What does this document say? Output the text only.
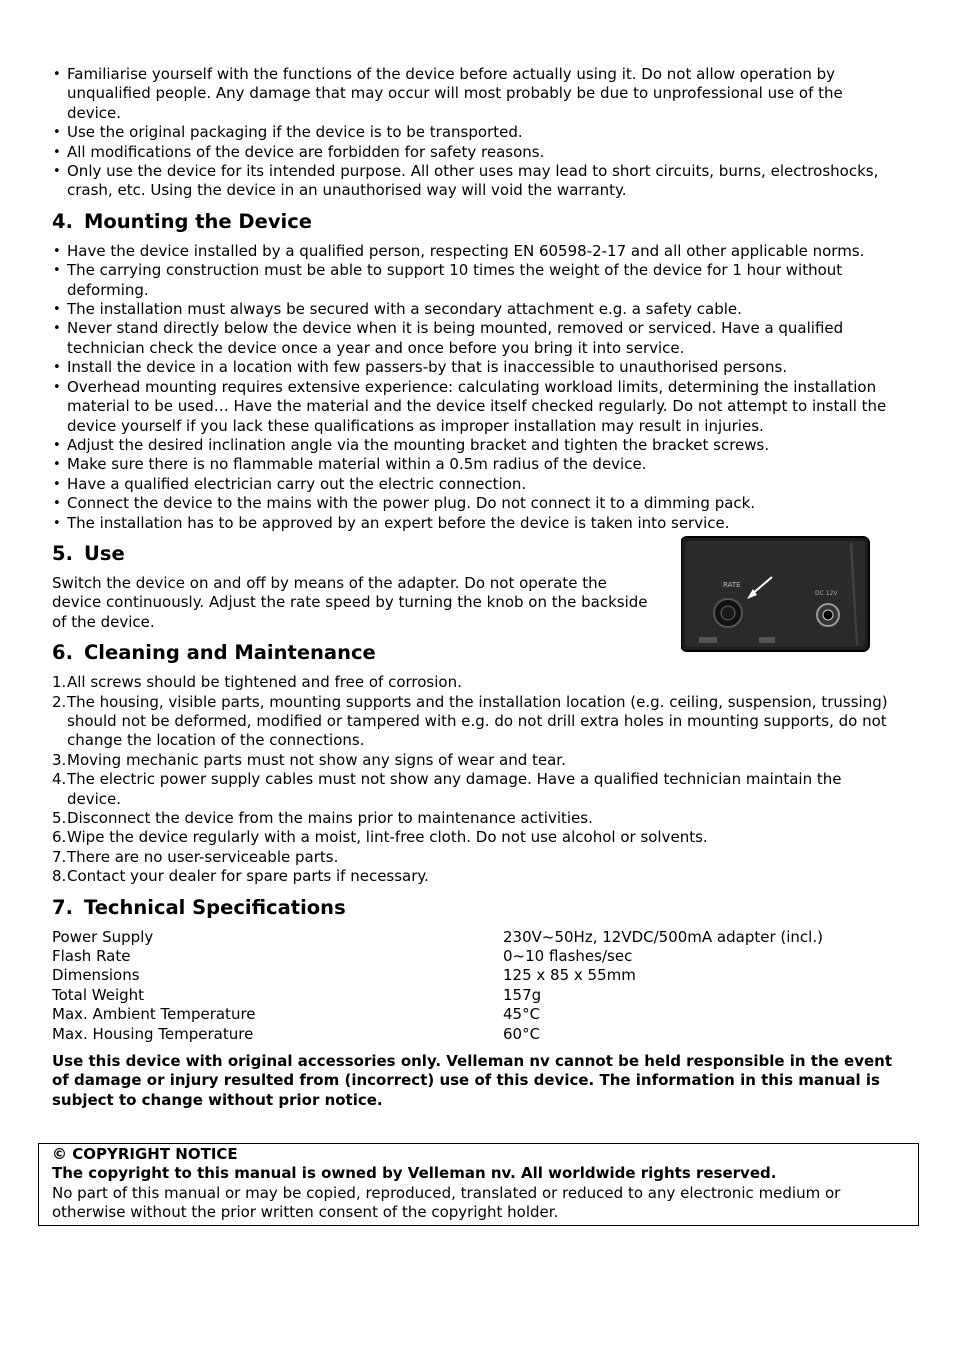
• Familiarise yourself with the functions of the device before actually using it. Do not allow operation by unqualified people. Any damage that may occur will most probably be due to unprofessional use of the device.
• Use the original packaging if the device is to be transported.
• All modifications of the device are forbidden for safety reasons.
• Only use the device for its intended purpose. All other uses may lead to short circuits, burns, electroshocks, crash, etc. Using the device in an unauthorised way will void the warranty.
4. Mounting the Device
• Have the device installed by a qualified person, respecting EN 60598-2-17 and all other applicable norms.
• The carrying construction must be able to support 10 times the weight of the device for 1 hour without deforming.
• The installation must always be secured with a secondary attachment e.g. a safety cable.
• Never stand directly below the device when it is being mounted, removed or serviced. Have a qualified technician check the device once a year and once before you bring it into service.
• Install the device in a location with few passers-by that is inaccessible to unauthorised persons.
• Overhead mounting requires extensive experience: calculating workload limits, determining the installation material to be used… Have the material and the device itself checked regularly. Do not attempt to install the device yourself if you lack these qualifications as improper installation may result in injuries.
• Adjust the desired inclination angle via the mounting bracket and tighten the bracket screws.
• Make sure there is no flammable material within a 0.5m radius of the device.
• Have a qualified electrician carry out the electric connection.
• Connect the device to the mains with the power plug. Do not connect it to a dimming pack.
• The installation has to be approved by an expert before the device is taken into service.
5. Use
Switch the device on and off by means of the adapter. Do not operate the device continuously. Adjust the rate speed by turning the knob on the backside of the device.
RATE
DC 12V
6. Cleaning and Maintenance
1. All screws should be tightened and free of corrosion.
2. The housing, visible parts, mounting supports and the installation location (e.g. ceiling, suspension, trussing) should not be deformed, modified or tampered with e.g. do not drill extra holes in mounting supports, do not change the location of the connections.
3. Moving mechanic parts must not show any signs of wear and tear.
4. The electric power supply cables must not show any damage. Have a qualified technician maintain the device.
5. Disconnect the device from the mains prior to maintenance activities.
6. Wipe the device regularly with a moist, lint-free cloth. Do not use alcohol or solvents.
7. There are no user-serviceable parts.
8. Contact your dealer for spare parts if necessary.
7. Technical Specifications
Power Supply	230V~50Hz, 12VDC/500mA adapter (incl.)
Flash Rate	0~10 flashes/sec
Dimensions	125 x 85 x 55mm
Total Weight	157g
Max. Ambient Temperature	45°C
Max. Housing Temperature	60°C
Use this device with original accessories only. Velleman nv cannot be held responsible in the event of damage or injury resulted from (incorrect) use of this device. The information in this manual is subject to change without prior notice.
© COPYRIGHT NOTICE
The copyright to this manual is owned by Velleman nv. All worldwide rights reserved.
No part of this manual or may be copied, reproduced, translated or reduced to any electronic medium or otherwise without the prior written consent of the copyright holder.
